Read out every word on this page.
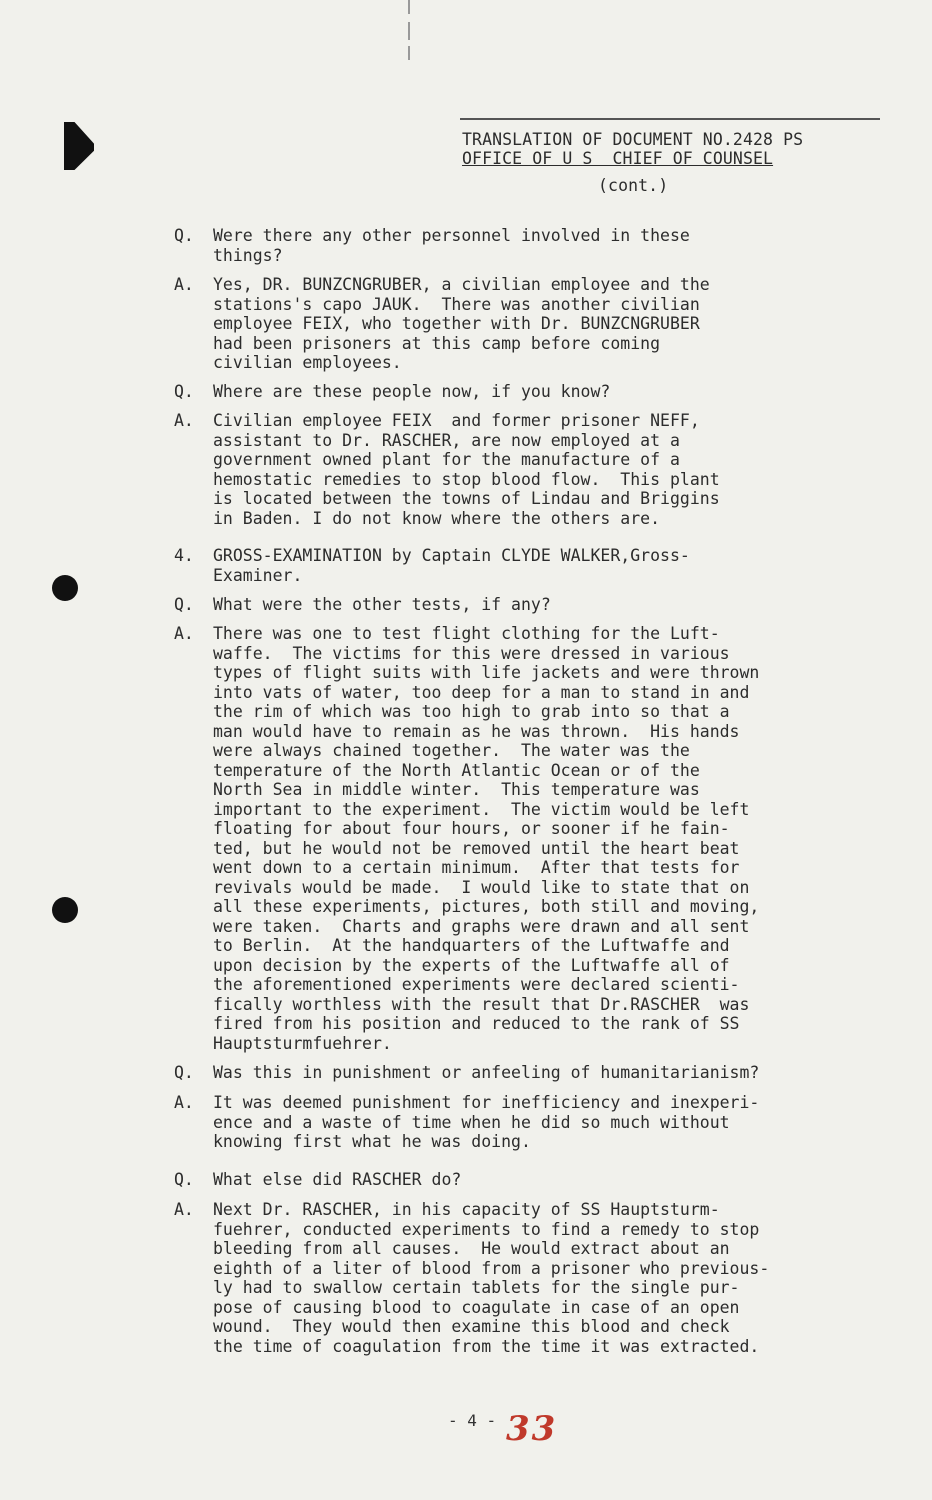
TRANSLATION OF DOCUMENT NO.2428 PS
OFFICE OF U S  CHIEF OF COUNSEL
(cont.)
Q. Were there any other personnel involved in these
things?

A. Yes, DR. BUNZCNGRUBER, a civilian employee and the
stations's capo JAUK.  There was another civilian
employee FEIX, who together with Dr. BUNZCNGRUBER
had been prisoners at this camp before coming
civilian employees.

Q. Where are these people now, if you know?

A. Civilian employee FEIX  and former prisoner NEFF,
assistant to Dr. RASCHER, are now employed at a
government owned plant for the manufacture of a
hemostatic remedies to stop blood flow.  This plant
is located between the towns of Lindau and Briggins
in Baden. I do not know where the others are.

4. GROSS-EXAMINATION by Captain CLYDE WALKER,Gross-
Examiner.

Q. What were the other tests, if any?

A. There was one to test flight clothing for the Luft-
waffe.  The victims for this were dressed in various
types of flight suits with life jackets and were thrown
into vats of water, too deep for a man to stand in and
the rim of which was too high to grab into so that a
man would have to remain as he was thrown.  His hands
were always chained together.  The water was the
temperature of the North Atlantic Ocean or of the
North Sea in middle winter.  This temperature was
important to the experiment.  The victim would be left
floating for about four hours, or sooner if he fain-
ted, but he would not be removed until the heart beat
went down to a certain minimum.  After that tests for
revivals would be made.  I would like to state that on
all these experiments, pictures, both still and moving,
were taken.  Charts and graphs were drawn and all sent
to Berlin.  At the handquarters of the Luftwaffe and
upon decision by the experts of the Luftwaffe all of
the aforementioned experiments were declared scienti-
fically worthless with the result that Dr.RASCHER  was
fired from his position and reduced to the rank of SS
Hauptsturmfuehrer.

Q. Was this in punishment or anfeeling of humanitarianism?

A. It was deemed punishment for inefficiency and inexperi-
ence and a waste of time when he did so much without
knowing first what he was doing.

Q. What else did RASCHER do?

A. Next Dr. RASCHER, in his capacity of SS Hauptsturm-
fuehrer, conducted experiments to find a remedy to stop
bleeding from all causes.  He would extract about an
eighth of a liter of blood from a prisoner who previous-
ly had to swallow certain tablets for the single pur-
pose of causing blood to coagulate in case of an open
wound.  They would then examine this blood and check
the time of coagulation from the time it was extracted.

- 4 - 33
